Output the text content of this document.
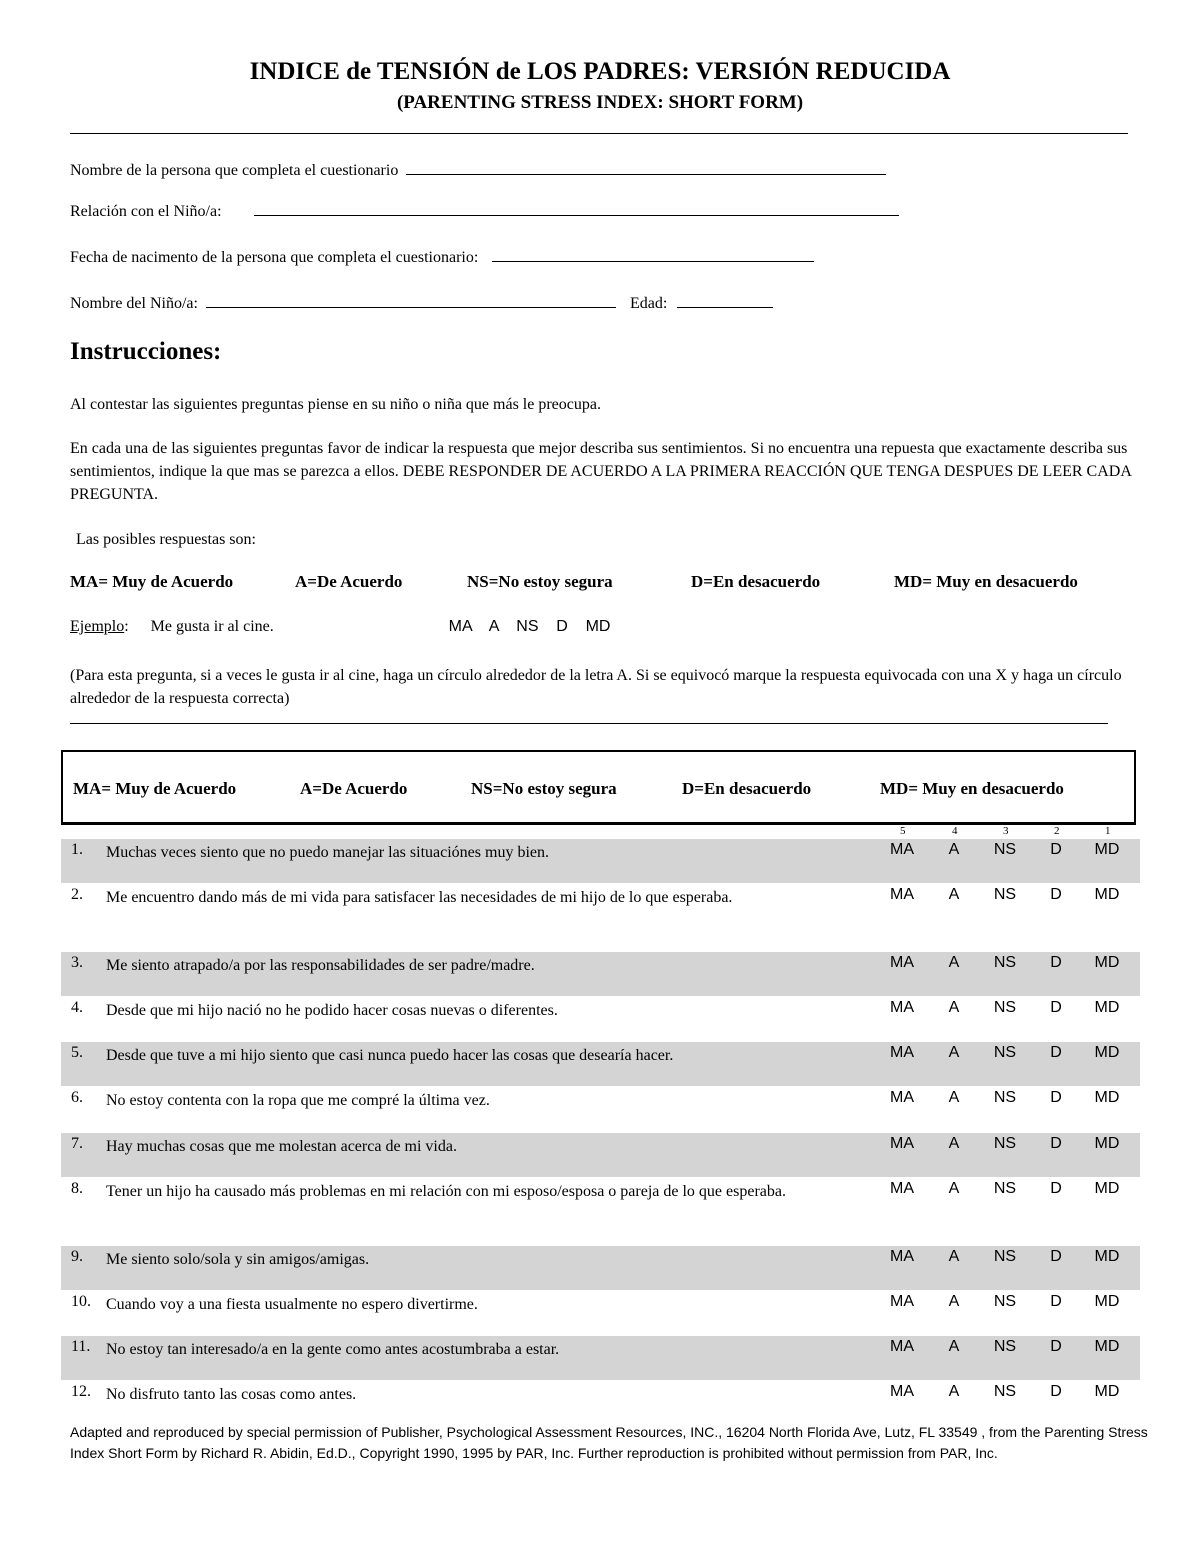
INDICE de TENSIÓN de LOS PADRES: VERSIÓN REDUCIDA
(PARENTING STRESS INDEX: SHORT FORM)
Nombre de la persona que completa el cuestionario
Relación con el Niño/a:
Fecha de nacimento de la persona que completa el cuestionario:
Nombre del Niño/a:	Edad:
Instrucciones:
Al contestar las siguientes preguntas piense en su niño o niña que más le preocupa.
En cada una de las siguientes preguntas favor de indicar la respuesta que mejor describa sus sentimientos. Si no encuentra una repuesta que exactamente describa sus sentimientos, indique la que mas se parezca a ellos. DEBE RESPONDER DE ACUERDO A LA PRIMERA REACCIÓN QUE TENGA DESPUES DE LEER CADA PREGUNTA.
Las posibles respuestas son:
MA= Muy de Acuerdo	A=De Acuerdo	NS=No estoy segura	D=En desacuerdo	MD= Muy en desacuerdo
Ejemplo: Me gusta ir al cine.	MA    A    NS    D    MD
(Para esta pregunta, si a veces le gusta ir al cine, haga un círculo alrededor de la letra A. Si se equivocó marque la respuesta equivocada con una X y haga un círculo alrededor de la respuesta correcta)
MA= Muy de Acuerdo	A=De Acuerdo	NS=No estoy segura	D=En desacuerdo	MD= Muy en desacuerdo
5	4	3	2	1
1. Muchas veces siento que no puedo manejar las situaciónes muy bien.	MA	A	NS	D	MD
2. Me encuentro dando más de mi vida para satisfacer las necesidades de mi hijo de lo que esperaba.	MA	A	NS	D	MD
3. Me siento atrapado/a por las responsabilidades de ser padre/madre.	MA	A	NS	D	MD
4. Desde que mi hijo nació no he podido hacer cosas nuevas o diferentes.	MA	A	NS	D	MD
5. Desde que tuve a mi hijo siento que casi nunca puedo hacer las cosas que desearía hacer.	MA	A	NS	D	MD
6. No estoy contenta con la ropa que me compré la última vez.	MA	A	NS	D	MD
7. Hay muchas cosas que me molestan acerca de mi vida.	MA	A	NS	D	MD
8. Tener un hijo ha causado más problemas en mi relación con mi esposo/esposa o pareja de lo que esperaba.	MA	A	NS	D	MD
9. Me siento solo/sola y sin amigos/amigas.	MA	A	NS	D	MD
10. Cuando voy a una fiesta usualmente no espero divertirme.	MA	A	NS	D	MD
11. No estoy tan interesado/a en la gente como antes acostumbraba a estar.	MA	A	NS	D	MD
12. No disfruto tanto las cosas como antes.	MA	A	NS	D	MD
Adapted and reproduced by special permission of Publisher, Psychological Assessment Resources, INC., 16204 North Florida Ave, Lutz, FL 33549 , from the Parenting Stress Index Short Form by Richard R. Abidin, Ed.D., Copyright 1990, 1995 by PAR, Inc. Further reproduction is prohibited without permission from PAR, Inc.
